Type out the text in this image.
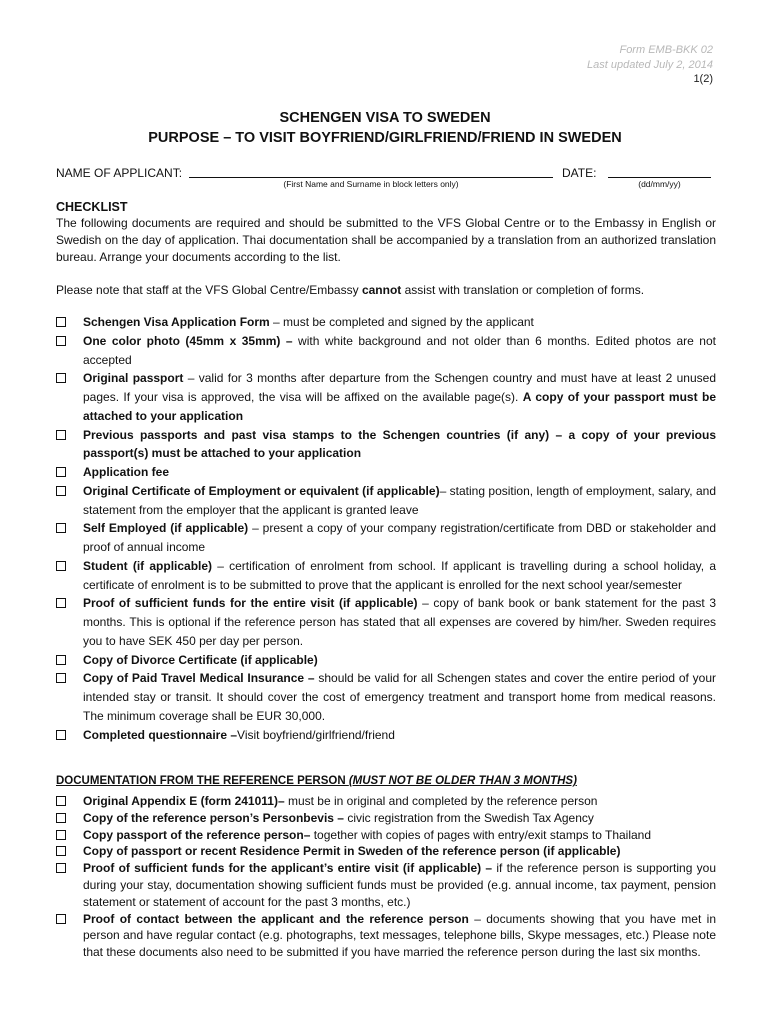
Form EMB-BKK 02
Last updated July 2, 2014
1(2)
SCHENGEN VISA TO SWEDEN
PURPOSE – TO VISIT BOYFRIEND/GIRLFRIEND/FRIEND IN SWEDEN
NAME OF APPLICANT:
(First Name and Surname in block letters only)
DATE:
(dd/mm/yy)
CHECKLIST
The following documents are required and should be submitted to the VFS Global Centre or to the Embassy in English or Swedish on the day of application. Thai documentation shall be accompanied by a translation from an authorized translation bureau. Arrange your documents according to the list.
Please note that staff at the VFS Global Centre/Embassy cannot assist with translation or completion of forms.
Schengen Visa Application Form – must be completed and signed by the applicant
One color photo (45mm x 35mm) – with white background and not older than 6 months. Edited photos are not accepted
Original passport – valid for 3 months after departure from the Schengen country and must have at least 2 unused pages. If your visa is approved, the visa will be affixed on the available page(s). A copy of your passport must be attached to your application
Previous passports and past visa stamps to the Schengen countries (if any) – a copy of your previous passport(s) must be attached to your application
Application fee
Original Certificate of Employment or equivalent (if applicable)– stating position, length of employment, salary, and statement from the employer that the applicant is granted leave
Self Employed (if applicable) – present a copy of your company registration/certificate from DBD or stakeholder and proof of annual income
Student (if applicable) – certification of enrolment from school. If applicant is travelling during a school holiday, a certificate of enrolment is to be submitted to prove that the applicant is enrolled for the next school year/semester
Proof of sufficient funds for the entire visit (if applicable) – copy of bank book or bank statement for the past 3 months. This is optional if the reference person has stated that all expenses are covered by him/her. Sweden requires you to have SEK 450 per day per person.
Copy of Divorce Certificate (if applicable)
Copy of Paid Travel Medical Insurance – should be valid for all Schengen states and cover the entire period of your intended stay or transit. It should cover the cost of emergency treatment and transport home from medical reasons. The minimum coverage shall be EUR 30,000.
Completed questionnaire –Visit boyfriend/girlfriend/friend
DOCUMENTATION FROM THE REFERENCE PERSON (MUST NOT BE OLDER THAN 3 MONTHS)
Original Appendix E (form 241011)– must be in original and completed by the reference person
Copy of the reference person’s Personbevis – civic registration from the Swedish Tax Agency
Copy passport of the reference person– together with copies of pages with entry/exit stamps to Thailand
Copy of passport or recent Residence Permit in Sweden of the reference person (if applicable)
Proof of sufficient funds for the applicant’s entire visit (if applicable) – if the reference person is supporting you during your stay, documentation showing sufficient funds must be provided (e.g. annual income, tax payment, pension statement or statement of account for the past 3 months, etc.)
Proof of contact between the applicant and the reference person – documents showing that you have met in person and have regular contact (e.g. photographs, text messages, telephone bills, Skype messages, etc.) Please note that these documents also need to be submitted if you have married the reference person during the last six months.
